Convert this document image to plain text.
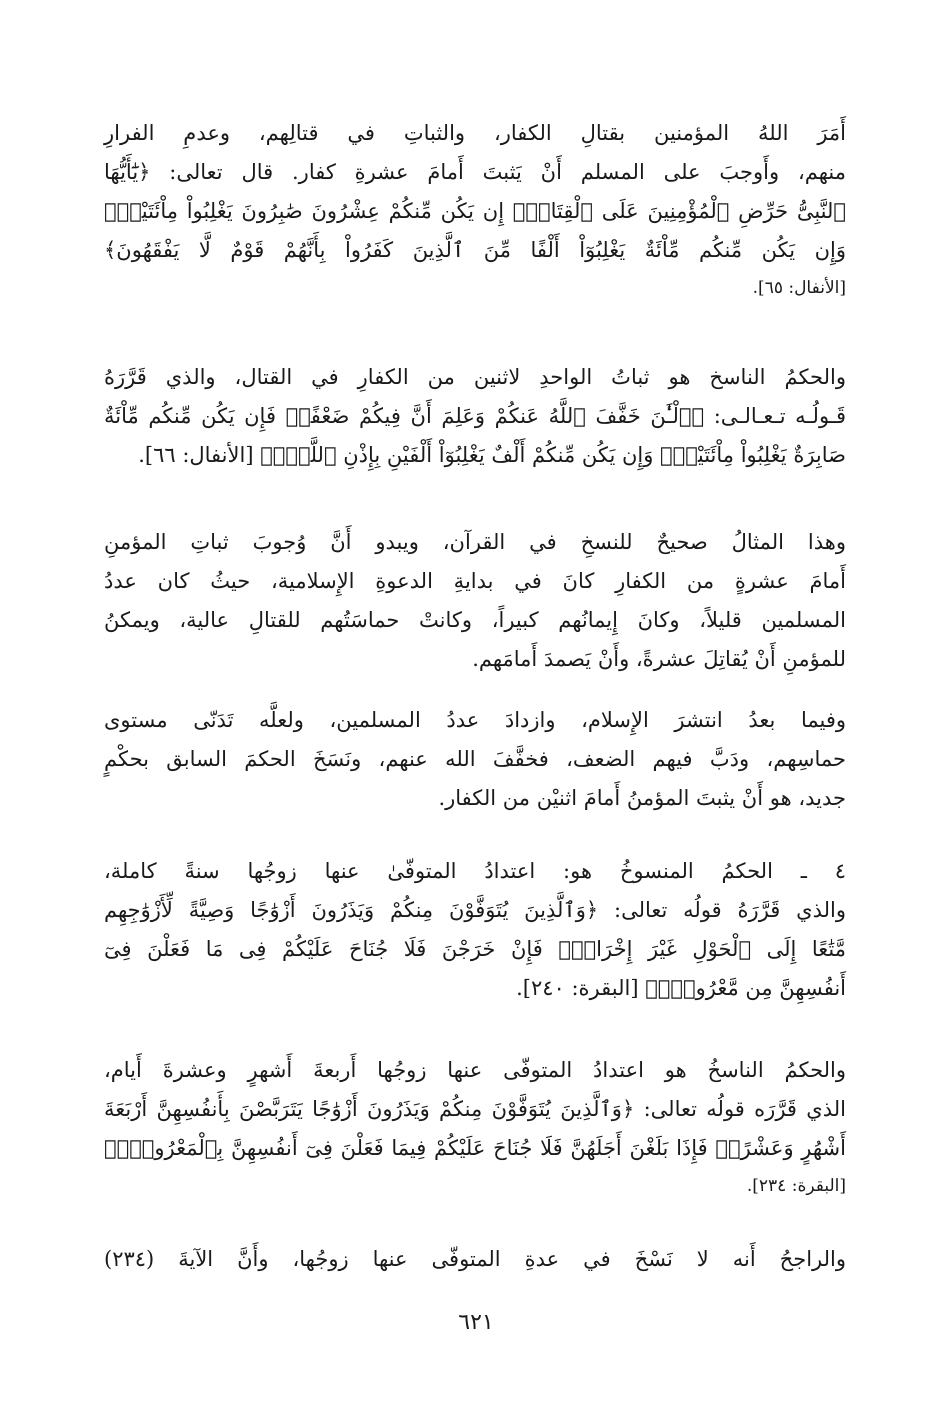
أَمَرَ اللهُ المؤمنين بقتالِ الكفار، والثباتِ في قتالِهم، وعدمِ الفرارِ
منهم، وأَوجبَ على المسلم أَنْ يَثبتَ أَمامَ عشرةِ كفار. قال تعالى: ﴿يَٰٓأَيُّهَا
ٱلنَّبِىُّ حَرِّضِ ٱلْمُؤْمِنِينَ عَلَى ٱلْقِتَالِۚ إِن يَكُن مِّنكُمْ عِشْرُونَ صَٰبِرُونَ يَغْلِبُواْ مِاْئَتَيْنِۚ
وَإِن يَكُن مِّنكُم مِّاْئَةٌ يَغْلِبُوٓاْ أَلْفًا مِّنَ ٱلَّذِينَ كَفَرُواْ بِأَنَّهُمْ قَوْمٌ لَّا يَفْقَهُونَ﴾
[الأنفال: ٦٥].
والحكمُ الناسخ هو ثباتُ الواحدِ لاثنين من الكفارِ في القتال، والذي قَرَّرَهُ
قَـولُـه تـعـالـى: ﴿ٱلْـَٰٔنَ خَفَّفَ ٱللَّهُ عَنكُمْ وَعَلِمَ أَنَّ فِيكُمْ ضَعْفًاۚ فَإِن يَكُن مِّنكُم مِّاْئَةٌ
صَابِرَةٌ يَغْلِبُواْ مِاْئَتَيْنِۚ وَإِن يَكُن مِّنكُمْ أَلْفٌ يَغْلِبُوٓاْ أَلْفَيْنِ بِإِذْنِ ٱللَّهِۗ﴾ [الأنفال: ٦٦].
وهذا المثالُ صحيحٌ للنسخِ في القرآن، ويبدو أَنَّ وُجوبَ ثباتِ المؤمنِ
أَمامَ عشرةٍ من الكفارِ كانَ في بدايةِ الدعوةِ الإِسلامية، حيثُ كان عددُ
المسلمين قليلاً، وكانَ إِيمانُهم كبيراً، وكانتْ حماسَتُهم للقتالِ عالية، ويمكنُ
للمؤمنِ أَنْ يُقاتِلَ عشرةً، وأَنْ يَصمدَ أَمامَهم.
وفيما بعدُ انتشرَ الإِسلام، وازدادَ عددُ المسلمين، ولعلَّه تَدَنّى مستوى
حماسِهم، ودَبَّ فيهم الضعف، فخفَّفَ الله عنهم، ونَسَخَ الحكمَ السابق بحكْمٍ
جديد، هو أَنْ يثبتَ المؤمنُ أَمامَ اثنيْن من الكفار.
٤ ـ الحكمُ المنسوخُ هو: اعتدادُ المتوفّىٰ عنها زوجُها سنةً كاملة،
والذي قَرَّرَهُ قولُه تعالى: ﴿وَٱلَّذِينَ يُتَوَفَّوْنَ مِنكُمْ وَيَذَرُونَ أَزْوَٰجًا وَصِيَّةً لِّأَزْوَٰجِهِم
مَّتَٰعًا إِلَى ٱلْحَوْلِ غَيْرَ إِخْرَاجٍۚ فَإِنْ خَرَجْنَ فَلَا جُنَاحَ عَلَيْكُمْ فِى مَا فَعَلْنَ فِىٓ
أَنفُسِهِنَّ مِن مَّعْرُوفٍۗ﴾ [البقرة: ٢٤٠].
والحكمُ الناسخُ هو اعتدادُ المتوفّى عنها زوجُها أَربعةَ أَشهرٍ وعشرةَ أَيام،
الذي قَرَّرَه قولُه تعالى: ﴿وَٱلَّذِينَ يُتَوَفَّوْنَ مِنكُمْ وَيَذَرُونَ أَزْوَٰجًا يَتَرَبَّصْنَ بِأَنفُسِهِنَّ أَرْبَعَةَ
أَشْهُرٍ وَعَشْرًاۖ فَإِذَا بَلَغْنَ أَجَلَهُنَّ فَلَا جُنَاحَ عَلَيْكُمْ فِيمَا فَعَلْنَ فِىٓ أَنفُسِهِنَّ بِٱلْمَعْرُوفِۗ﴾
[البقرة: ٢٣٤].
والراجحُ أَنه لا نَسْخَ في عدةِ المتوفّى عنها زوجُها، وأَنَّ الآيةَ (٢٣٤)
٦٢١
